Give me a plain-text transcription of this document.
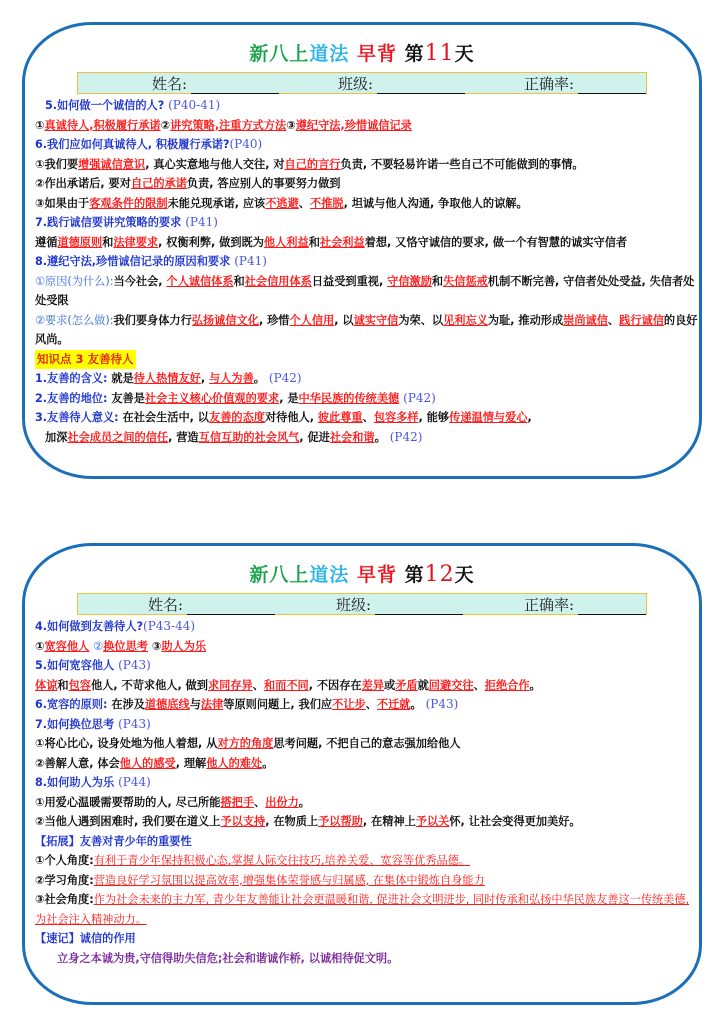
新八上道法 早背 第11天
姓名:	班级:	正确率:
5.如何做一个诚信的人? (P40-41)
①真诚待人,积极履行承诺②讲究策略,注重方式方法③遵纪守法,珍惜诚信记录
6.我们应如何真诚待人, 积极履行承诺?(P40)
①我们要增强诚信意识, 真心实意地与他人交往, 对自己的言行负责, 不要轻易许诺一些自己不可能做到的事情。
②作出承诺后, 要对自己的承诺负责, 答应别人的事要努力做到
③如果由于客观条件的限制未能兑现承诺, 应该不逃避、不推脱, 坦诚与他人沟通, 争取他人的谅解。
7.践行诚信要讲究策略的要求 (P41)
遵循道德原则和法律要求, 权衡利弊, 做到既为他人利益和社会利益着想, 又恪守诚信的要求, 做一个有智慧的诚实守信者
8.遵纪守法,珍惜诚信记录的原因和要求 (P41)
①原因(为什么):当今社会, 个人诚信体系和社会信用体系日益受到重视, 守信激励和失信惩戒机制不断完善, 守信者处处受益, 失信者处处受限
②要求(怎么做):我们要身体力行弘扬诚信文化, 珍惜个人信用, 以诚实守信为荣、以见利忘义为耻, 推动形成崇尚诚信、践行诚信的良好风尚。
知识点 3 友善待人
1.友善的含义: 就是待人热情友好, 与人为善。 (P42)
2.友善的地位: 友善是社会主义核心价值观的要求, 是中华民族的传统美德 (P42)
3.友善待人意义: 在社会生活中, 以友善的态度对待他人, 彼此尊重、包容多样, 能够传递温情与爱心,
加深社会成员之间的信任, 营造互信互助的社会风气, 促进社会和谐。 (P42)
新八上道法 早背 第12天
姓名:	班级:	正确率:
4.如何做到友善待人?(P43-44)
①宽容他人 ②换位思考 ③助人为乐
5.如何宽容他人 (P43)
体谅和包容他人, 不苛求他人, 做到求同存异、和而不同, 不因存在差异或矛盾就回避交往、拒绝合作。
6.宽容的原则: 在涉及道德底线与法律等原则问题上, 我们应不让步、不迁就。 (P43)
7.如何换位思考 (P43)
①将心比心, 设身处地为他人着想, 从对方的角度思考问题, 不把自己的意志强加给他人
②善解人意, 体会他人的感受, 理解他人的难处。
8.如何助人为乐 (P44)
①用爱心温暖需要帮助的人, 尽己所能搭把手、出份力。
②当他人遇到困难时, 我们要在道义上予以支持, 在物质上予以帮助, 在精神上予以关怀, 让社会变得更加美好。
【拓展】友善对青少年的重要性
①个人角度:有利于青少年保持积极心态,掌握人际交往技巧,培养关爱、宽容等优秀品德。
②学习角度:营造良好学习氛围以提高效率,增强集体荣誉感与归属感, 在集体中锻炼自身能力
③社会角度:作为社会未来的主力军, 青少年友善能让社会更温暖和谐, 促进社会文明进步, 同时传承和弘扬中华民族友善这一传统美德,为社会注入精神动力。
【速记】诚信的作用
立身之本诚为贵,守信得助失信危;社会和谐诚作桥, 以诚相待促文明。
